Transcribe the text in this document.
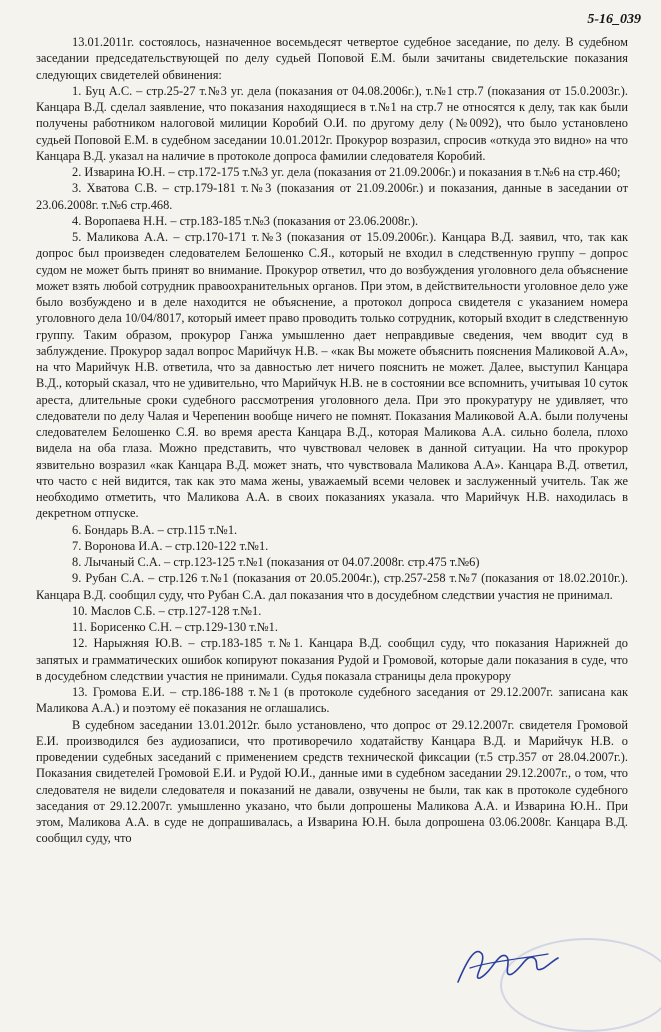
5-16_039

13.01.2011г. состоялось, назначенное восемьдесят четвертое судебное заседание, по делу. В судебном заседании председательствующей по делу судьей Поповой Е.М. были зачитаны свидетельские показания следующих свидетелей обвинения:

1. Буц А.С. – стр.25-27 т.№3 уг. дела (показания от 04.08.2006г.), т.№1 стр.7 (показания от 15.0.2003г.). Канцара В.Д. сделал заявление, что показания находящиеся в т.№1 на стр.7 не относятся к делу, так как были получены работником налоговой милиции Коробий О.И. по другому делу (№0092), что было установлено судьей Поповой Е.М. в судебном заседании 10.01.2012г. Прокурор возразил, спросив «откуда это видно» на что Канцара В.Д. указал на наличие в протоколе допроса фамилии следователя Коробий.

2. Изварина Ю.Н. – стр.172-175 т.№3 уг. дела (показания от 21.09.2006г.) и показания в т.№6 на стр.460;

3. Хватова С.В. – стр.179-181 т.№3 (показания от 21.09.2006г.) и показания, данные в заседании от 23.06.2008г. т.№6 стр.468.

4. Воропаева Н.Н. – стр.183-185 т.№3 (показания от 23.06.2008г.).

5. Маликова А.А. – стр.170-171 т.№3 (показания от 15.09.2006г.). Канцара В.Д. заявил, что, так как допрос был произведен следователем Белошенко С.Я., который не входил в следственную группу – допрос судом не может быть принят во внимание. Прокурор ответил, что до возбуждения уголовного дела объяснение может взять любой сотрудник правоохранительных органов. При этом, в действительности уголовное дело уже было возбуждено и в деле находится не объяснение, а протокол допроса свидетеля с указанием номера уголовного дела 10/04/8017, который имеет право проводить только сотрудник, который входит в следственную группу. Таким образом, прокурор Ганжа умышленно дает неправдивые сведения, чем вводит суд в заблуждение. Прокурор задал вопрос Марийчук Н.В. – «как Вы можете объяснить пояснения Маликовой А.А», на что Марийчук Н.В. ответила, что за давностью лет ничего пояснить не может. Далее, выступил Канцара В.Д., который сказал, что не удивительно, что Марийчук Н.В. не в состоянии все вспомнить, учитывая 10 суток ареста, длительные сроки судебного рассмотрения уголовного дела. При это прокуратуру не удивляет, что следователи по делу Чалая и Черепенин вообще ничего не помнят. Показания Маликовой А.А. были получены следователем Белошенко С.Я. во время ареста Канцара В.Д., которая Маликова А.А. сильно болела, плохо видела на оба глаза. Можно представить, что чувствовал человек в данной ситуации. На что прокурор язвительно возразил «как Канцара В.Д. может знать, что чувствовала Маликова А.А». Канцара В.Д. ответил, что часто с ней видится, так как это мама жены, уважаемый всеми человек и заслуженный учитель. Так же необходимо отметить, что Маликова А.А. в своих показаниях указала. что Марийчук Н.В. находилась в декретном отпуске.

6. Бондарь В.А. – стр.115 т.№1.

7. Воронова И.А. – стр.120-122 т.№1.

8. Лычаный С.А. – стр.123-125 т.№1 (показания от 04.07.2008г. стр.475 т.№6)

9. Рубан С.А. – стр.126 т.№1 (показания от 20.05.2004г.), стр.257-258 т.№7 (показания от 18.02.2010г.). Канцара В.Д. сообщил суду, что Рубан С.А. дал показания что в досудебном следствии участия не принимал.

10. Маслов С.Б. – стр.127-128 т.№1.

11. Борисенко С.Н. – стр.129-130 т.№1.

12. Нарыжняя Ю.В. – стр.183-185 т.№1. Канцара В.Д. сообщил суду, что показания Нарижней до запятых и грамматических ошибок копируют показания Рудой и Громовой, которые дали показания в суде, что в досудебном следствии участия не принимали. Судья показала страницы дела прокурору

13. Громова Е.И. – стр.186-188 т.№1 (в протоколе судебного заседания от 29.12.2007г. записана как Маликова А.А.) и поэтому её показания не оглашались.

В судебном заседании 13.01.2012г. было установлено, что допрос от 29.12.2007г. свидетеля Громовой Е.И. производился без аудиозаписи, что противоречило ходатайству Канцара В.Д. и Марийчук Н.В. о проведении судебных заседаний с применением средств технической фиксации (т.5 стр.357 от 28.04.2007г.). Показания свидетелей Громовой Е.И. и Рудой Ю.И., данные ими в судебном заседании 29.12.2007г., о том, что следователя не видели следователя и показаний не давали, озвучены не были, так как в протоколе судебного заседания от 29.12.2007г. умышленно указано, что были допрошены Маликова А.А. и Изварина Ю.Н.. При этом, Маликова А.А. в суде не допрашивалась, а Изварина Ю.Н. была допрошена 03.06.2008г. Канцара В.Д. сообщил суду, что
